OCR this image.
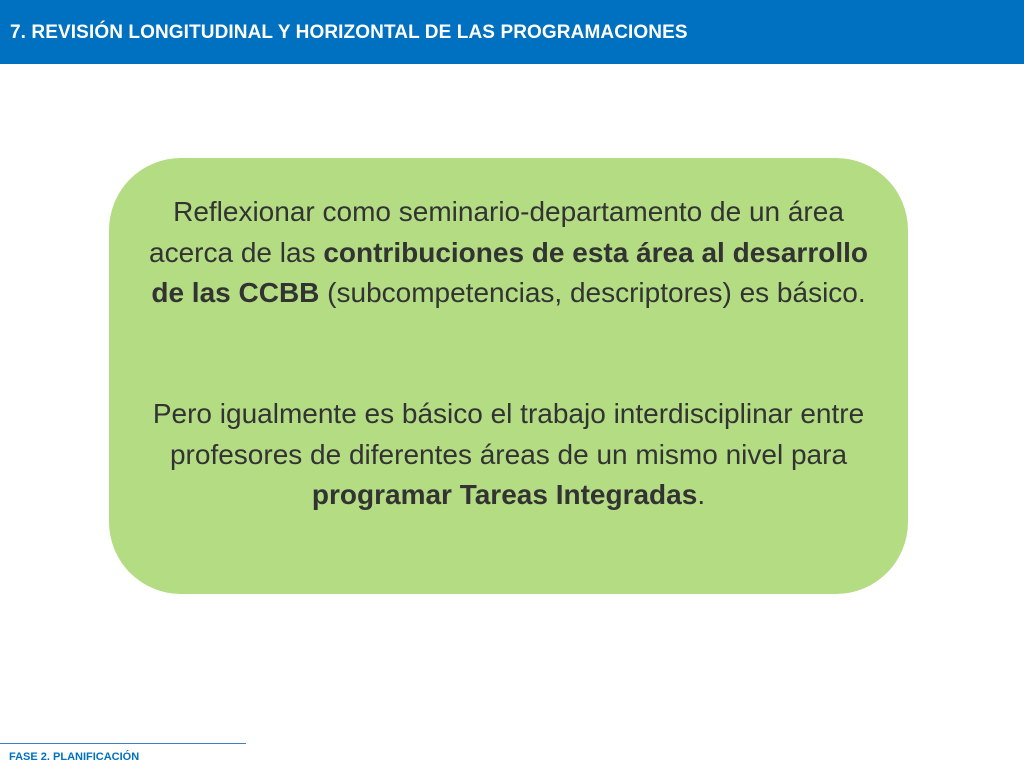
7. REVISIÓN LONGITUDINAL Y HORIZONTAL DE LAS PROGRAMACIONES

Reflexionar como seminario-departamento de un área acerca de las contribuciones de esta área al desarrollo de las CCBB (subcompetencias, descriptores) es básico.

Pero igualmente es básico el trabajo interdisciplinar entre profesores de diferentes áreas de un mismo nivel para programar Tareas Integradas.

FASE 2. PLANIFICACIÓN
